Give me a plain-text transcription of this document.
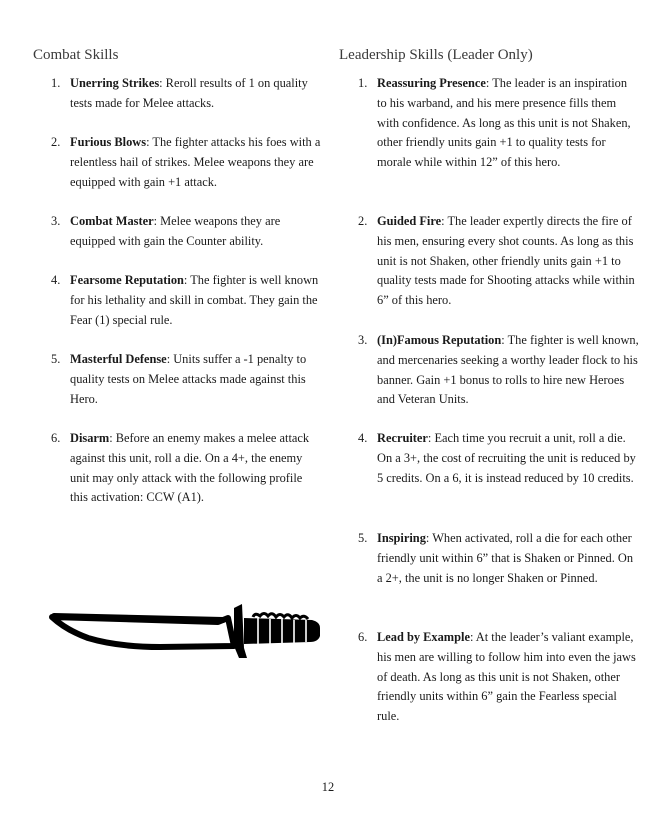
Combat Skills
1. Unerring Strikes: Reroll results of 1 on quality tests made for Melee attacks.
2. Furious Blows: The fighter attacks his foes with a relentless hail of strikes. Melee weapons they are equipped with gain +1 attack.
3. Combat Master: Melee weapons they are equipped with gain the Counter ability.
4. Fearsome Reputation: The fighter is well known for his lethality and skill in combat. They gain the Fear (1) special rule.
5. Masterful Defense: Units suffer a -1 penalty to quality tests on Melee attacks made against this Hero.
6. Disarm: Before an enemy makes a melee attack against this unit, roll a die. On a 4+, the enemy unit may only attack with the following profile this activation: CCW (A1).
Leadership Skills (Leader Only)
1. Reassuring Presence: The leader is an inspiration to his warband, and his mere presence fills them with confidence. As long as this unit is not Shaken, other friendly units gain +1 to quality tests for morale while within 12” of this hero.
2. Guided Fire: The leader expertly directs the fire of his men, ensuring every shot counts. As long as this unit is not Shaken, other friendly units gain +1 to quality tests made for Shooting attacks while within 6” of this hero.
3. (In)Famous Reputation: The fighter is well known, and mercenaries seeking a worthy leader flock to his banner. Gain +1 bonus to rolls to hire new Heroes and Veteran Units.
4. Recruiter: Each time you recruit a unit, roll a die. On a 3+, the cost of recruiting the unit is reduced by 5 credits. On a 6, it is instead reduced by 10 credits.
5. Inspiring: When activated, roll a die for each other friendly unit within 6” that is Shaken or Pinned. On a 2+, the unit is no longer Shaken or Pinned.
6. Lead by Example: At the leader’s valiant example, his men are willing to follow him into even the jaws of death. As long as this unit is not Shaken, other friendly units within 6” gain the Fearless special rule.
12
